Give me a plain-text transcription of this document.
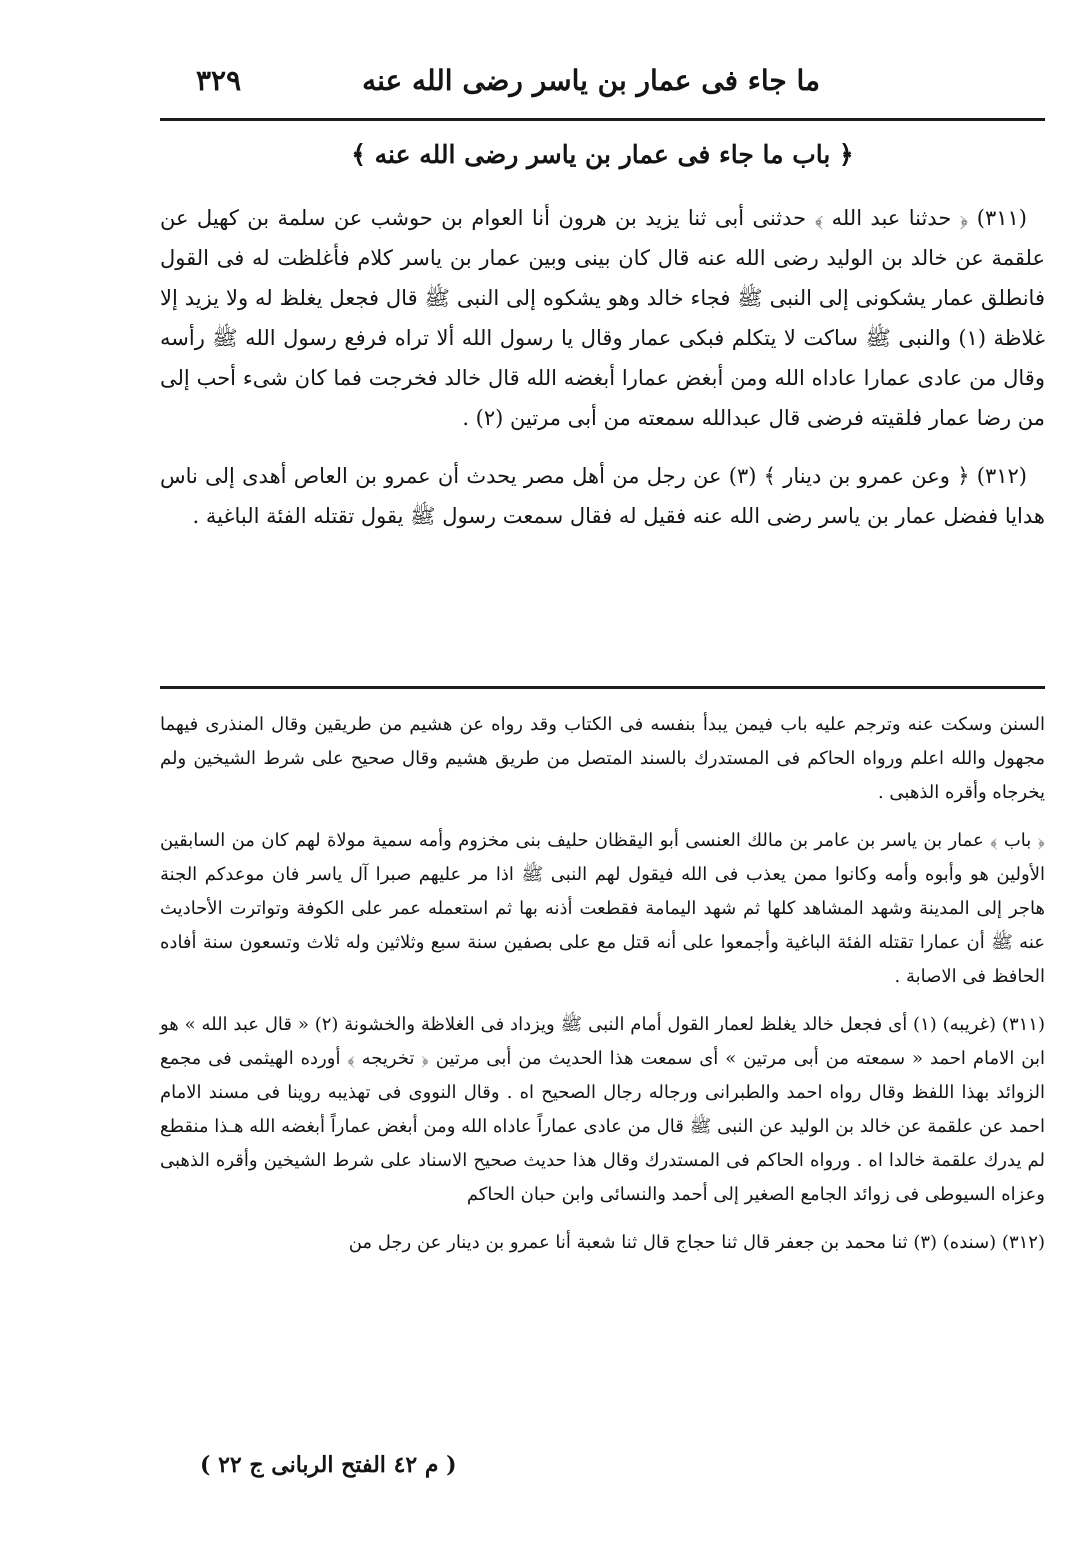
ما جاء فى عمار بن ياسر رضى الله عنه
٣٢٩
﴿ باب ما جاء فى عمار بن ياسر رضى الله عنه ﴾

(٣١١) ﴿ حدثنا عبد الله ﴾ حدثنى أبى ثنا يزيد بن هرون أنا العوام بن حوشب عن سلمة بن كهيل عن علقمة عن خالد بن الوليد رضى الله عنه قال كان بينى وبين عمار بن ياسر كلام فأغلظت له فى القول فانطلق عمار يشكونى إلى النبى ﷺ فجاء خالد وهو يشكوه إلى النبى ﷺ قال فجعل يغلظ له ولا يزيد إلا غلاظة (١) والنبى ﷺ ساكت لا يتكلم فبكى عمار وقال يا رسول الله ألا تراه فرفع رسول الله ﷺ رأسه وقال من عادى عمارا عاداه الله ومن أبغض عمارا أبغضه الله قال خالد فخرجت فما كان شىء أحب إلى من رضا عمار فلقيته فرضى قال عبدالله سمعته من أبى مرتين (٢) .

(٣١٢) ﴿ وعن عمرو بن دينار ﴾ (٣) عن رجل من أهل مصر يحدث أن عمرو بن العاص أهدى إلى ناس هدايا ففضل عمار بن ياسر رضى الله عنه فقيل له فقال سمعت رسول ﷺ يقول تقتله الفئة الباغية .

السنن وسكت عنه وترجم عليه باب فيمن يبدأ بنفسه فى الكتاب وقد رواه عن هشيم من طريقين وقال المنذرى فيهما مجهول والله اعلم ورواه الحاكم فى المستدرك بالسند المتصل من طريق هشيم وقال صحيح على شرط الشيخين ولم يخرجاه وأقره الذهبى .

﴿ باب ﴾ عمار بن ياسر بن عامر بن مالك العنسى أبو اليقظان حليف بنى مخزوم وأمه سمية مولاة لهم كان من السابقين الأولين هو وأبوه وأمه وكانوا ممن يعذب فى الله فيقول لهم النبى ﷺ اذا مر عليهم صبرا آل ياسر فان موعدكم الجنة هاجر إلى المدينة وشهد المشاهد كلها ثم شهد اليمامة فقطعت أذنه بها ثم استعمله عمر على الكوفة وتواترت الأحاديث عنه ﷺ أن عمارا تقتله الفئة الباغية وأجمعوا على أنه قتل مع على بصفين سنة سبع وثلاثين وله ثلاث وتسعون سنة أفاده الحافظ فى الاصابة .

(٣١١) (غريبه) (١) أى فجعل خالد يغلظ لعمار القول أمام النبى ﷺ ويزداد فى الغلاظة والخشونة (٢) « قال عبد الله » هو ابن الامام احمد « سمعته من أبى مرتين » أى سمعت هذا الحديث من أبى مرتين ﴿ تخريجه ﴾ أورده الهيثمى فى مجمع الزوائد بهذا اللفظ وقال رواه احمد والطبرانى ورجاله رجال الصحيح اه . وقال النووى فى تهذيبه روينا فى مسند الامام احمد عن علقمة عن خالد بن الوليد عن النبى ﷺ قال من عادى عماراً عاداه الله ومن أبغض عماراً أبغضه الله هـذا منقطع لم يدرك علقمة خالدا اه . ورواه الحاكم فى المستدرك وقال هذا حديث صحيح الاسناد على شرط الشيخين وأقره الذهبى وعزاه السيوطى فى زوائد الجامع الصغير إلى أحمد والنسائى وابن حبان الحاكم

(٣١٢) (سنده) (٣) ثنا محمد بن جعفر قال ثنا حجاج قال ثنا شعبة أنا عمرو بن دينار عن رجل من

( م ٤٢ الفتح الربانى ج ٢٢ )
